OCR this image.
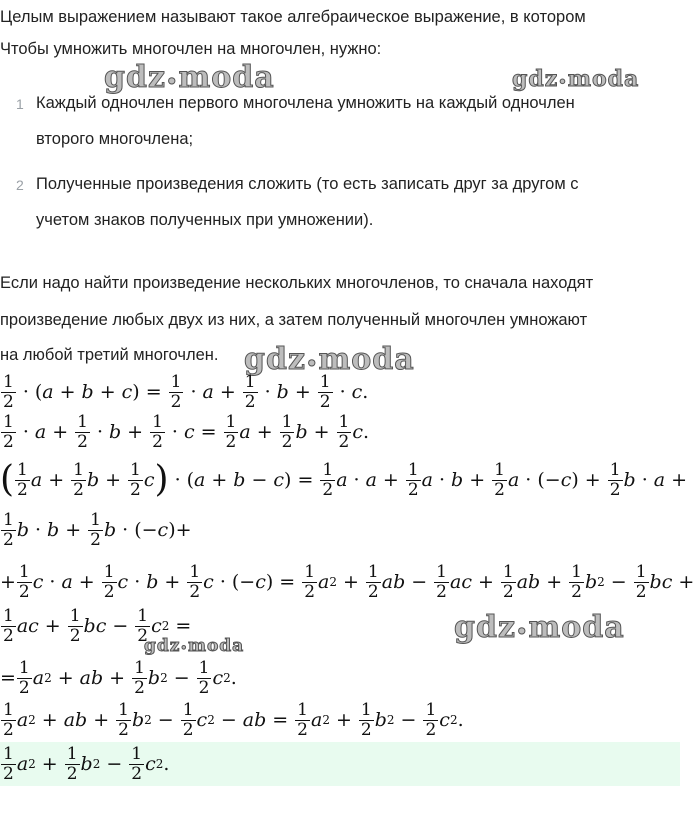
gdz•moda	gdz•moda
gdz•moda
gdz•moda
gdz•moda
Целым выражением называют такое алгебраическое выражение, в котором
Чтобы умножить многочлен на многочлен, нужно:
1 Каждый одночлен первого многочлена умножить на каждый одночлен
второго многочлена;
2 Полученные произведения сложить (то есть записать друг за другом с
учетом знаков полученных при умножении).
Если надо найти произведение нескольких многочленов, то сначала находят
произведение любых двух из них, а затем полученный многочлен умножают
на любой третий многочлен.
$\frac{1}{2}$ · ( a + b + c ) = $\frac{1}{2} \cdot a + \frac{1}{2} \cdot b + \frac{1}{2} \cdot c$ .
$\frac{1}{2} \cdot a + \frac{1}{2} \cdot b + \frac{1}{2} \cdot c = \frac{1}{2}$ $a + \frac{1}{2}$ $b + \frac{1}{2}$ c .
( $\frac{1}{2}$ $a + \frac{1}{2}$ $b + \frac{1}{2}$ c ) · ( a + b − c ) = $\frac{1}{2}$ $a \cdot a + \frac{1}{2}$ $a \cdot b + \frac{1}{2}$ a · (− c ) + $\frac{1}{2}$ b · a +
$\frac{1}{2}$ $b \cdot b + \frac{1}{2}$ b · (− c )+
+ $\frac{1}{2}$ $c \cdot a + \frac{1}{2}$ $c \cdot b + \frac{1}{2}$ c · (− c ) = $\frac{1}{2}$ a $2 + \frac{1}{2}$ ab − $\frac{1}{2}$ ac + $\frac{1}{2}$ ab + $\frac{1}{2}$ b $2 - \frac{1}{2}$ bc +
$\frac{1}{2}$ ac + $\frac{1}{2}$ bc − $\frac{1}{2}$ c 2 =
= $\frac{1}{2}$ a 2 + ab + $\frac{1}{2}$ b $2 - \frac{1}{2}$ c 2 .
$\frac{1}{2}$ a 2 + ab + $\frac{1}{2}$ b $2 - \frac{1}{2}$ c 2 − ab = $\frac{1}{2}$ a $2 + \frac{1}{2}$ b $2 - \frac{1}{2}$ c 2 .
$\frac{1}{2}$ a $2 + \frac{1}{2}$ b $2 - \frac{1}{2}$ c 2 .
